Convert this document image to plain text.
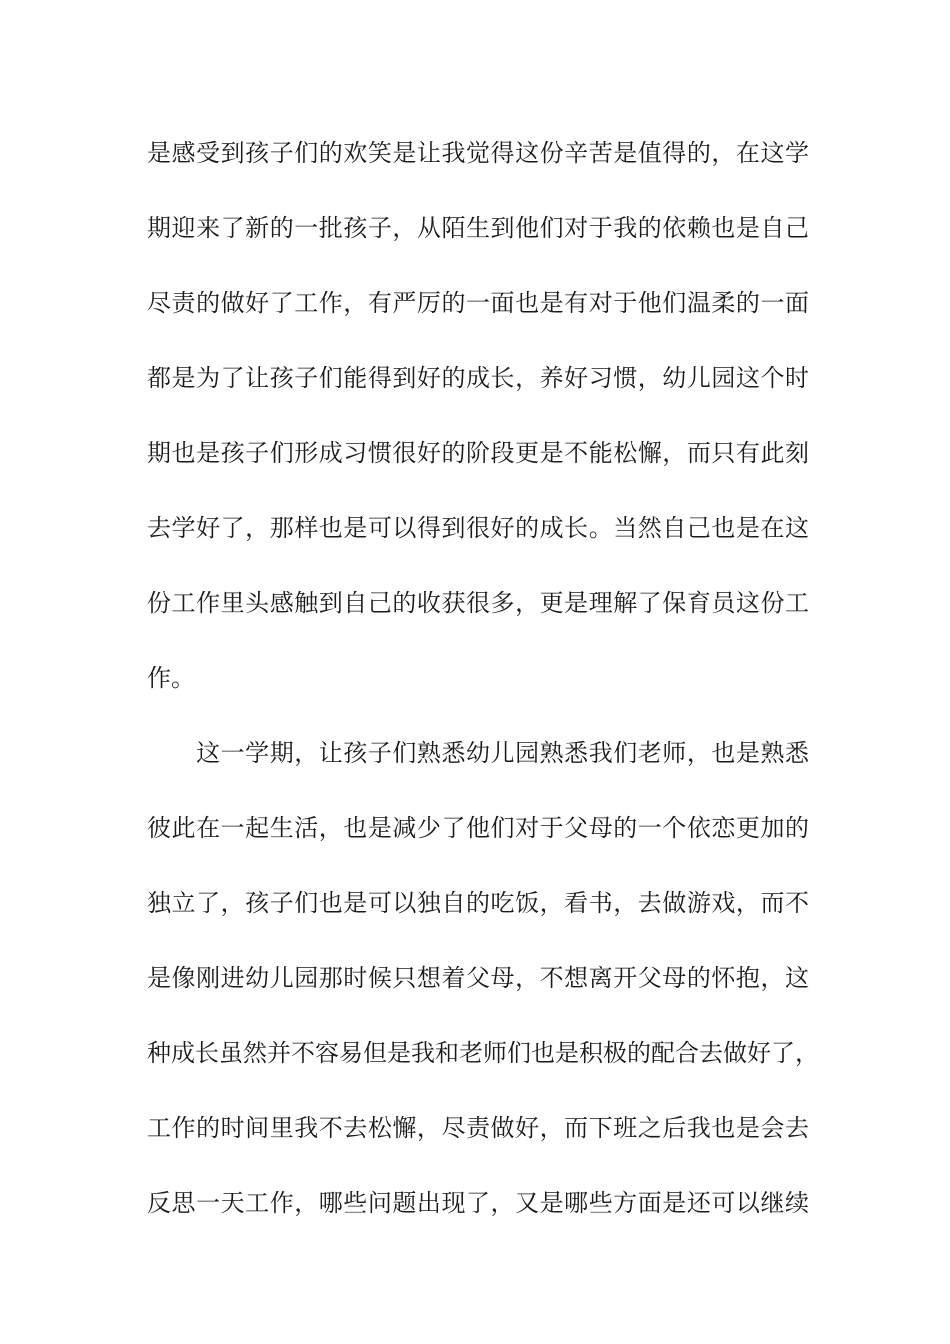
是感受到孩子们的欢笑是让我觉得这份辛苦是值得的，在这学
期迎来了新的一批孩子，从陌生到他们对于我的依赖也是自己
尽责的做好了工作，有严厉的一面也是有对于他们温柔的一面
都是为了让孩子们能得到好的成长，养好习惯，幼儿园这个时
期也是孩子们形成习惯很好的阶段更是不能松懈，而只有此刻
去学好了，那样也是可以得到很好的成长。当然自己也是在这
份工作里头感触到自己的收获很多，更是理解了保育员这份工
作。
　　这一学期，让孩子们熟悉幼儿园熟悉我们老师，也是熟悉
彼此在一起生活，也是减少了他们对于父母的一个依恋更加的
独立了，孩子们也是可以独自的吃饭，看书，去做游戏，而不
是像刚进幼儿园那时候只想着父母，不想离开父母的怀抱，这
种成长虽然并不容易但是我和老师们也是积极的配合去做好了，
工作的时间里我不去松懈，尽责做好，而下班之后我也是会去
反思一天工作，哪些问题出现了，又是哪些方面是还可以继续
